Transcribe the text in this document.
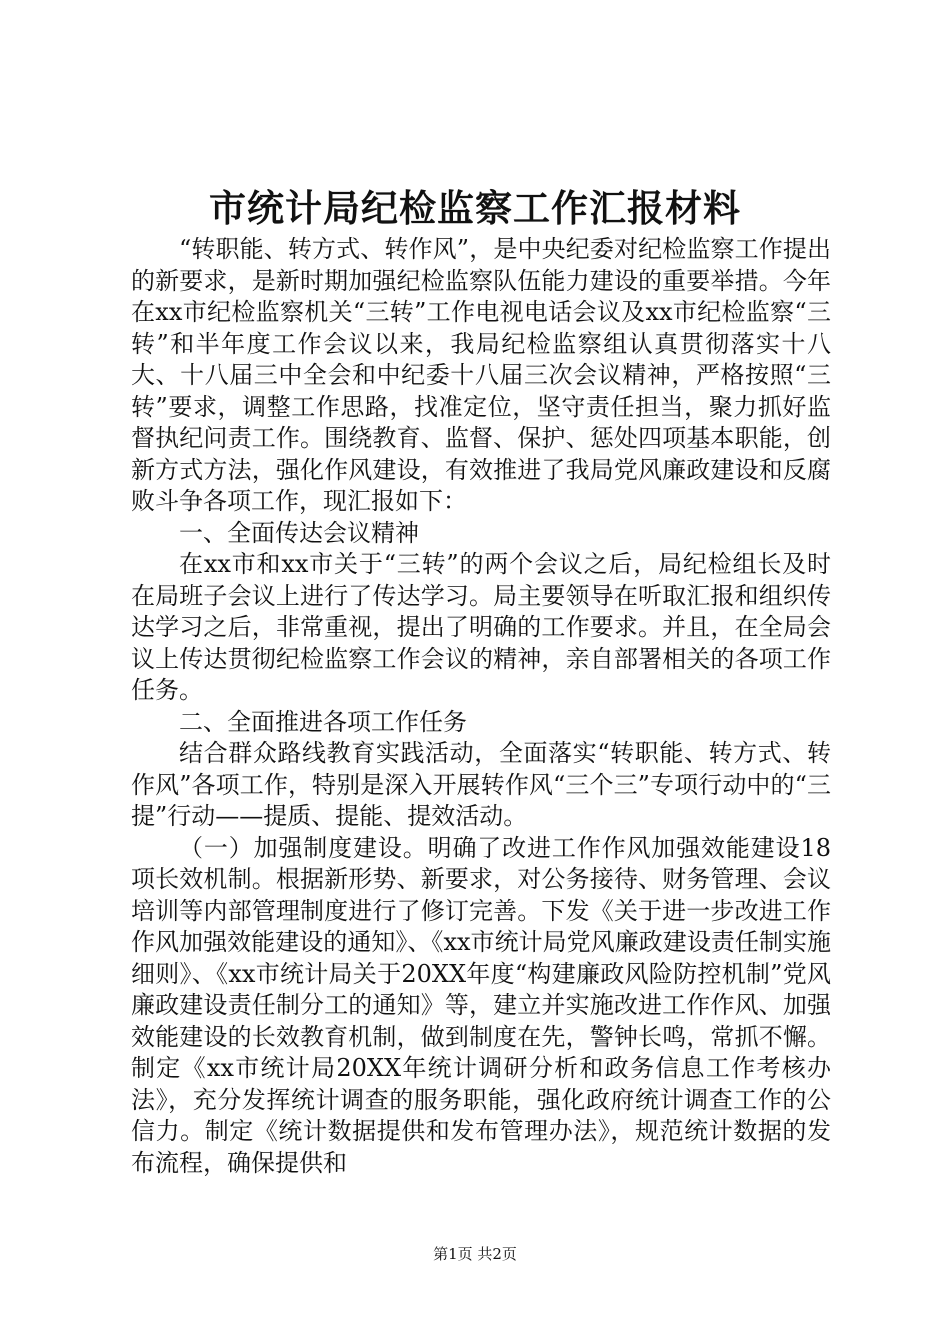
市统计局纪检监察工作汇报材料

“转职能、转方式、转作风”，是中央纪委对纪检监察工作提出的新要求，是新时期加强纪检监察队伍能力建设的重要举措。今年在xx市纪检监察机关“三转”工作电视电话会议及xx市纪检监察“三转”和半年度工作会议以来，我局纪检监察组认真贯彻落实十八大、十八届三中全会和中纪委十八届三次会议精神，严格按照“三转”要求，调整工作思路，找准定位，坚守责任担当，聚力抓好监督执纪问责工作。围绕教育、监督、保护、惩处四项基本职能，创新方式方法，强化作风建设，有效推进了我局党风廉政建设和反腐败斗争各项工作，现汇报如下：

一、全面传达会议精神

在xx市和xx市关于“三转”的两个会议之后，局纪检组长及时在局班子会议上进行了传达学习。局主要领导在听取汇报和组织传达学习之后，非常重视，提出了明确的工作要求。并且，在全局会议上传达贯彻纪检监察工作会议的精神，亲自部署相关的各项工作任务。

二、全面推进各项工作任务

结合群众路线教育实践活动，全面落实“转职能、转方式、转作风”各项工作，特别是深入开展转作风“三个三”专项行动中的“三提”行动——提质、提能、提效活动。

（一）加强制度建设。明确了改进工作作风加强效能建设18项长效机制。根据新形势、新要求，对公务接待、财务管理、会议培训等内部管理制度进行了修订完善。下发《关于进一步改进工作作风加强效能建设的通知》、《xx市统计局党风廉政建设责任制实施细则》、《xx市统计局关于20XX年度“构建廉政风险防控机制”党风廉政建设责任制分工的通知》等，建立并实施改进工作作风、加强效能建设的长效教育机制，做到制度在先，警钟长鸣，常抓不懈。制定《xx市统计局20XX年统计调研分析和政务信息工作考核办法》，充分发挥统计调查的服务职能，强化政府统计调查工作的公信力。制定《统计数据提供和发布管理办法》，规范统计数据的发布流程，确保提供和

第1页 共2页
